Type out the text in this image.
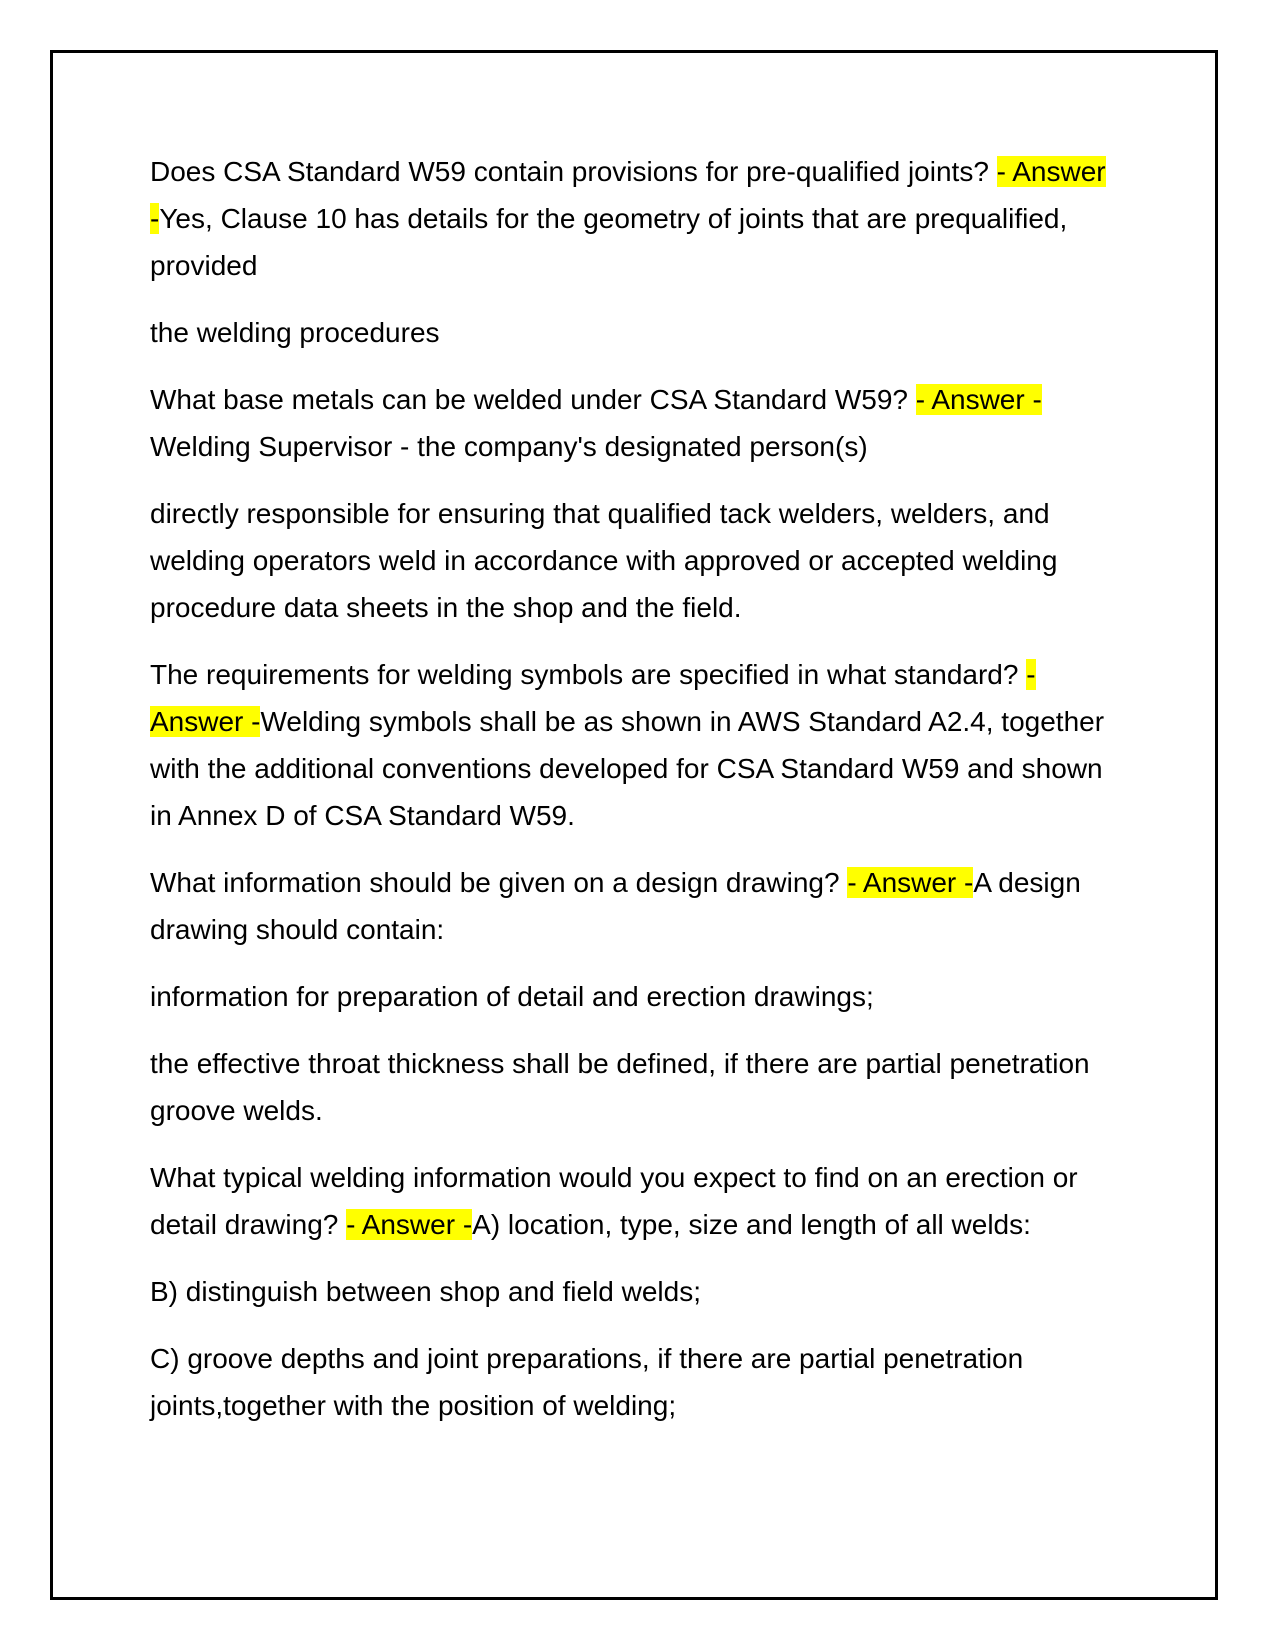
Does CSA Standard W59 contain provisions for pre-qualified joints? - Answer -Yes, Clause 10 has details for the geometry of joints that are prequalified, provided

the welding procedures

What base metals can be welded under CSA Standard W59? - Answer -
Welding Supervisor - the company's designated person(s)

directly responsible for ensuring that qualified tack welders, welders, and welding operators weld in accordance with approved or accepted welding procedure data sheets in the shop and the field.

The requirements for welding symbols are specified in what standard? - Answer -Welding symbols shall be as shown in AWS Standard A2.4, together with the additional conventions developed for CSA Standard W59 and shown in Annex D of CSA Standard W59.

What information should be given on a design drawing? - Answer -A design drawing should contain:

information for preparation of detail and erection drawings;

the effective throat thickness shall be defined, if there are partial penetration groove welds.

What typical welding information would you expect to find on an erection or detail drawing? - Answer -A) location, type, size and length of all welds:

B) distinguish between shop and field welds;

C) groove depths and joint preparations, if there are partial penetration joints,together with the position of welding;
